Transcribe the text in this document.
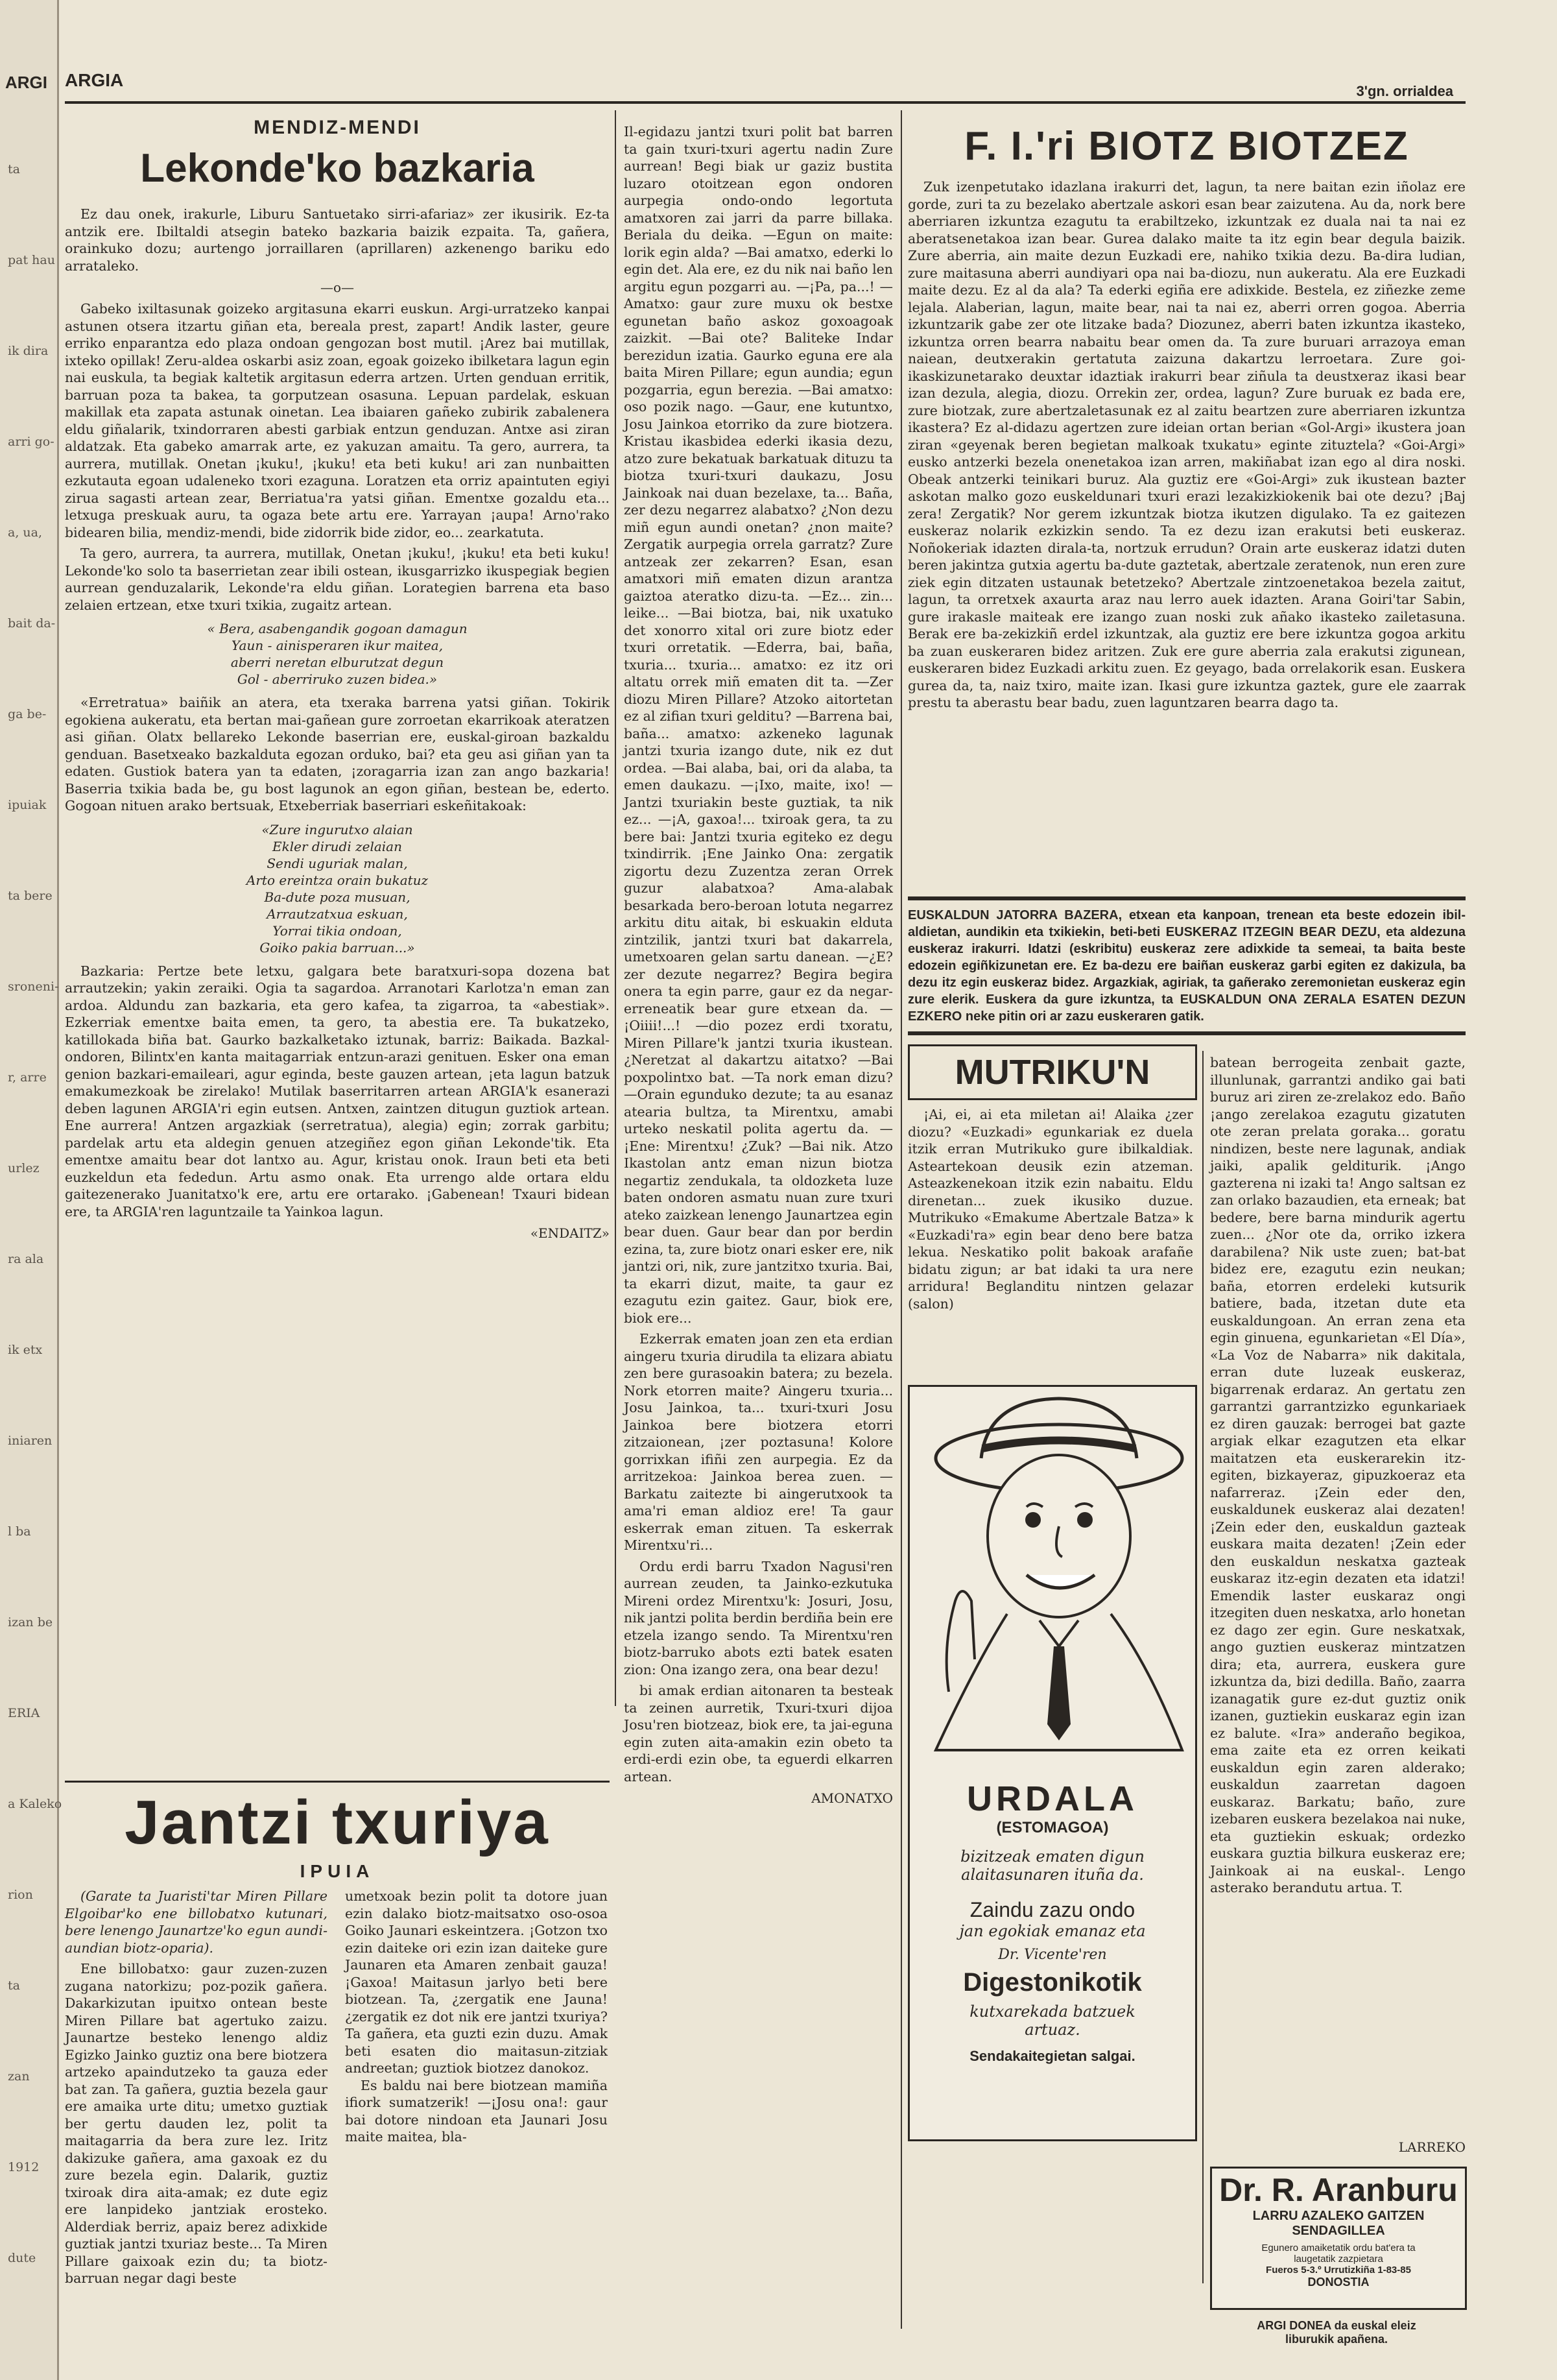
ARGI
ta
pat hau
ik dira
arri go-
a, ua,
bait da-
ga be-
ipuiak
ta bere
sroneni-
r, arre
urlez
ra ala
ik etx
iniaren
l ba
izan be
ERIA
a Kaleko
rion
ta
zan
1912
dute
ARGIA
3'gn. orrialdea
MENDIZ-MENDI
Lekonde'ko bazkaria

Ez dau onek, irakurle, Liburu Santuetako sirri-afariaz» zer ikusirik. Ez-ta antzik ere. Ibiltaldi atsegin bateko bazkaria baizik ezpaita. Ta, gañera, orainkuko dozu; aurtengo jorraillaren (aprillaren) azkenengo bariku edo arrataleko.

—o—

Gabeko ixiltasunak goizeko argitasuna ekarri euskun. Argi-urratzeko kanpai astunen otsera itzartu giñan eta, bereala prest, zapart! Andik laster, geure erriko enparantza edo plaza ondoan gengozan bost mutil. ¡Arez bai mutillak, ixteko opillak! Zeru-aldea oskarbi asiz zoan, egoak goizeko ibilketara lagun egin nai euskula, ta begiak kaltetik argitasun ederra artzen. Urten genduan erritik, barruan poza ta bakea, ta gorputzean osasuna. Lepuan pardelak, eskuan makillak eta zapata astunak oinetan. Lea ibaiaren gañeko zubirik zabalenera eldu giñalarik, txindorraren abesti garbiak entzun genduzan. Antxe asi ziran aldatzak. Eta gabeko amarrak arte, ez yakuzan amaitu. Ta gero, aurrera, ta aurrera, mutillak. Onetan ¡kuku!, ¡kuku! eta beti kuku! ari zan nunbaitten ezkutauta egoan udaleneko txori ezaguna. Loratzen eta orriz apaintuten egiyi zirua sagasti artean zear, Berriatua'ra yatsi giñan. Ementxe gozaldu eta... letxuga preskuak auru, ta ogaza bete artu ere. Yarrayan ¡aupa! Arno'rako bidearen bilia, mendiz-mendi, bide zidorrik bide zidor, eo... zearkatuta.

Ta gero, aurrera, ta aurrera, mutillak, Onetan ¡kuku!, ¡kuku! eta beti kuku! Lekonde'ko solo ta baserrietan zear ibili ostean, ikusgarrizko ikuspegiak begien aurrean genduzalarik, Lekonde'ra eldu giñan. Lorategien barrena eta baso zelaien ertzean, etxe txuri txikia, zugaitz artean.

« Bera, asabengandik gogoan damagun
Yaun - ainisperaren ikur maitea,
aberri neretan elburutzat degun
Gol - aberriruko zuzen bidea.»

«Erretratua» baiñik an atera, eta txeraka barrena yatsi giñan. Tokirik egokiena aukeratu, eta bertan mai-gañean gure zorroetan ekarrikoak ateratzen asi giñan. Olatx bellareko Lekonde baserrian ere, euskal-giroan bazkaldu genduan. Basetxeako bazkalduta egozan orduko, bai? eta geu asi giñan yan ta edaten. Gustiok batera yan ta edaten, ¡zoragarria izan zan ango bazkaria! Baserria txikia bada be, gu bost lagunok an egon giñan, bestean be, ederto. Gogoan nituen arako bertsuak, Etxeberriak baserriari eskeñitakoak:

«Zure ingurutxo alaian
Ekler dirudi zelaian
Sendi uguriak malan,
Arto ereintza orain bukatuz
Ba-dute poza musuan,
Arrautzatxua eskuan,
Yorrai tikia ondoan,
Goiko pakia barruan...»

Bazkaria: Pertze bete letxu, galgara bete baratxuri-sopa dozena bat arrautzekin; yakin zeraiki. Ogia ta sagardoa. Arranotari Karlotza'n eman zan ardoa. Aldundu zan bazkaria, eta gero kafea, ta zigarroa, ta «abestiak». Ezkerriak ementxe baita emen, ta gero, ta abestia ere. Ta bukatzeko, katillokada biña bat. Gaurko bazkalketako iztunak, barriz: Baikada. Bazkal-ondoren, Bilintx'en kanta maitagarriak entzun-arazi genituen. Esker ona eman genion bazkari-emaileari, agur eginda, beste gauzen artean, ¡eta lagun batzuk emakumezkoak be zirelako! Mutilak baserritarren artean ARGIA'k esanerazi deben lagunen ARGIA'ri egin eutsen. Antxen, zaintzen ditugun guztiok artean. Ene aurrera! Antzen argazkiak (serretratua), alegia) egin; zorrak garbitu; pardelak artu eta aldegin genuen atzegiñez egon giñan Lekonde'tik. Eta ementxe amaitu bear dot lantxo au. Agur, kristau onok. Iraun beti eta beti euzkeldun eta fededun. Artu asmo onak. Eta urrengo alde ortara eldu gaitezenerako Juanitatxo'k ere, artu ere ortarako. ¡Gabenean! Txauri bidean ere, ta ARGIA'ren laguntzaile ta Yainkoa lagun.

«ENDAITZ»
Jantzi txuriya
IPUIA

(Garate ta Juaristi'tar Miren Pillare Elgoibar'ko ene billobatxo kutunari, bere lenengo Jaunartze'ko egun aundi-aundian biotz-oparia).

Ene billobatxo: gaur zuzen-zuzen zugana natorkizu; poz-pozik gañera. Dakarkizutan ipuitxo ontean beste Miren Pillare bat agertuko zaizu. Jaunartze besteko lenengo aldiz Egizko Jainko guztiz ona bere biotzera artzeko apaindutzeko ta gauza eder bat zan. Ta gañera, guztia bezela gaur ere amaika urte ditu; umetxo guztiak ber gertu dauden lez, polit ta maitagarria da bera zure lez. Iritz dakizuke gañera, ama gaxoak ez du zure bezela egin. Dalarik, guztiz txiroak dira aita-amak; ez dute egiz ere lanpideko jantziak erosteko. Alderdiak berriz, apaiz berez adixkide guztiak jantzi txuriaz beste... Ta Miren Pillare gaixoak ezin du; ta biotz-barruan negar dagi beste

umetxoak bezin polit ta dotore juan ezin dalako biotz-maitsatxo oso-osoa Goiko Jaunari eskeintzera. ¡Gotzon txo ezin daiteke ori ezin izan daiteke gure Jaunaren eta Amaren zenbait gauza! ¡Gaxoa! Maitasun jarlyo beti bere biotzean. Ta, ¿zergatik ene Jauna! ¿zergatik ez dot nik ere jantzi txuriya? Ta gañera, eta guzti ezin duzu. Amak beti esaten dio maitasun-zitziak andreetan; guztiok biotzez danokoz.

Es baldu nai bere biotzean mamiña ifiork sumatzerik! —¡Josu ona!: gaur bai dotore nindoan eta Jaunari Josu maite maitea, bla-

Il-egidazu jantzi txuri polit bat barren ta gain txuri-txuri agertu nadin Zure aurrean! Begi biak ur gaziz bustita luzaro otoitzean egon ondoren aurpegia ondo-ondo legortuta amatxoren zai jarri da parre billaka. Beriala du deika. —Egun on maite: lorik egin alda? —Bai amatxo, ederki lo egin det. Ala ere, ez du nik nai baño len argitu egun pozgarri au. —¡Pa, pa...! —Amatxo: gaur zure muxu ok bestxe egunetan baño askoz goxoagoak zaizkit. —Bai ote? Baliteke Indar berezidun izatia. Gaurko eguna ere ala baita Miren Pillare; egun aundia; egun pozgarria, egun berezia. —Bai amatxo: oso pozik nago. —Gaur, ene kutuntxo, Josu Jainkoa etorriko da zure biotzera. Kristau ikasbidea ederki ikasia dezu, atzo zure bekatuak barkatuak dituzu ta biotza txuri-txuri daukazu, Josu Jainkoak nai duan bezelaxe, ta... Baña, zer dezu negarrez alabatxo? ¿Non dezu miñ egun aundi onetan? ¿non maite? Zergatik aurpegia orrela garratz? Zure antzeak zer zekarren? Esan, esan amatxori miñ ematen dizun arantza gaiztoa ateratko dizu-ta. —Ez... zin... leike... —Bai biotza, bai, nik uxatuko det xonorro xital ori zure biotz eder txuri orretatik. —Ederra, bai, baña, txuria... txuria... amatxo: ez itz ori altatu orrek miñ ematen dit ta. —Zer diozu Miren Pillare? Atzoko aitortetan ez al zifian txuri gelditu? —Barrena bai, baña... amatxo: azkeneko lagunak jantzi txuria izango dute, nik ez dut ordea. —Bai alaba, bai, ori da alaba, ta emen daukazu. —¡Ixo, maite, ixo! —Jantzi txuriakin beste guztiak, ta nik ez... —¡A, gaxoa!... txiroak gera, ta zu bere bai: Jantzi txuria egiteko ez degu txindirrik. ¡Ene Jainko Ona: zergatik zigortu dezu Zuzentza zeran Orrek guzur alabatxoa? Ama-alabak besarkada bero-beroan lotuta negarrez arkitu ditu aitak, bi eskuakin elduta zintzilik, jantzi txuri bat dakarrela, umetxoaren gelan sartu danean. —¿E? zer dezute negarrez? Begira begira onera ta egin parre, gaur ez da negar-erreneatik bear gure etxean da. —¡Oiiii!...! —dio pozez erdi txoratu, Miren Pillare'k jantzi txuria ikustean. ¿Neretzat al dakartzu aitatxo? —Bai poxpolintxo bat. —Ta nork eman dizu? —Orain egunduko dezute; ta au esanaz atearia bultza, ta Mirentxu, amabi urteko neskatil polita agertu da. —¡Ene: Mirentxu! ¿Zuk? —Bai nik. Atzo Ikastolan antz eman nizun biotza negartiz zendukala, ta oldozketa luze baten ondoren asmatu nuan zure txuri ateko zaizkean lenengo Jaunartzea egin bear duen. Gaur bear dan por berdin ezina, ta, zure biotz onari esker ere, nik jantzi ori, nik, zure jantzitxo txuria. Bai, ta ekarri dizut, maite, ta gaur ez ezagutu ezin gaitez. Gaur, biok ere, biok ere...

Ezkerrak ematen joan zen eta erdian aingeru txuria dirudila ta elizara abiatu zen bere gurasoakin batera; zu bezela. Nork etorren maite? Aingeru txuria... Josu Jainkoa, ta... txuri-txuri Josu Jainkoa bere biotzera etorri zitzaionean, ¡zer poztasuna! Kolore gorrixkan ifiñi zen aurpegia. Ez da arritzekoa: Jainkoa berea zuen. —Barkatu zaitezte bi aingerutxook ta ama'ri eman aldioz ere! Ta gaur eskerrak eman zituen. Ta eskerrak Mirentxu'ri...

Ordu erdi barru Txadon Nagusi'ren aurrean zeuden, ta Jainko-ezkutuka Mireni ordez Mirentxu'k: Josuri, Josu, nik jantzi polita berdin berdiña bein ere etzela izango sendo. Ta Mirentxu'ren biotz-barruko abots ezti batek esaten zion: Ona izango zera, ona bear dezu!

bi amak erdian aitonaren ta besteak ta zeinen aurretik, Txuri-txuri dijoa Josu'ren biotzeaz, biok ere, ta jai-eguna egin zuten aita-amakin ezin obeto ta erdi-erdi ezin obe, ta eguerdi elkarren artean.

AMONATXO
F. I.'ri BIOTZ BIOTZEZ

Zuk izenpetutako idazlana irakurri det, lagun, ta nere baitan ezin iñolaz ere gorde, zuri ta zu bezelako abertzale askori esan bear zaizutena. Au da, nork bere aberriaren izkuntza ezagutu ta erabiltzeko, izkuntzak ez duala nai ta nai ez aberatsenetakoa izan bear. Gurea dalako maite ta itz egin bear degula baizik. Zure aberria, ain maite dezun Euzkadi ere, nahiko txikia dezu. Ba-dira ludian, zure maitasuna aberri aundiyari opa nai ba-diozu, nun aukeratu. Ala ere Euzkadi maite dezu. Ez al da ala? Ta ederki egiña ere adixkide. Bestela, ez ziñezke zeme lejala. Alaberian, lagun, maite bear, nai ta nai ez, aberri orren gogoa. Aberria izkuntzarik gabe zer ote litzake bada? Diozunez, aberri baten izkuntza ikasteko, izkuntza orren bearra nabaitu bear omen da. Ta zure buruari arrazoya eman naiean, deutxerakin gertatuta zaizuna dakartzu lerroetara. Zure goi-ikaskizunetarako deuxtar idaztiak irakurri bear ziñula ta deustxeraz ikasi bear izan dezula, alegia, diozu. Orrekin zer, ordea, lagun? Zure buruak ez bada ere, zure biotzak, zure abertzaletasunak ez al zaitu beartzen zure aberriaren izkuntza ikastera? Ez al-didazu agertzen zure ideian ortan berian «Gol-Argi» ikustera joan ziran «geyenak beren begietan malkoak txukatu» eginte zituztela? «Goi-Argi» eusko antzerki bezela onenetakoa izan arren, makiñabat izan ego al dira noski. Obeak antzerki teinikari buruz. Ala guztiz ere «Goi-Argi» zuk ikustean bazter askotan malko gozo euskeldunari txuri erazi lezakizkiokenik bai ote dezu? ¡Baj zera! Zergatik? Nor gerem izkuntzak biotza ikutzen digulako. Ta ez gaitezen euskeraz nolarik ezkizkin sendo. Ta ez dezu izan erakutsi beti euskeraz. Noñokeriak idazten dirala-ta, nortzuk errudun? Orain arte euskeraz idatzi duten beren jakintza gutxia agertu ba-dute gaztetak, abertzale zeratenok, nun eren zure ziek egin ditzaten ustaunak betetzeko? Abertzale zintzoenetakoa bezela zaitut, lagun, ta orretxek axaurta araz nau lerro auek idazten. Arana Goiri'tar Sabin, gure irakasle maiteak ere izango zuan noski zuk añako ikasteko zailetasuna. Berak ere ba-zekizkiñ erdel izkuntzak, ala guztiz ere bere izkuntza gogoa arkitu ba zuan euskeraren bidez aritzen. Zuk ere gure aberria zala erakutsi zigunean, euskeraren bidez Euzkadi arkitu zuen. Ez geyago, bada orrelakorik esan. Euskera gurea da, ta, naiz txiro, maite izan. Ikasi gure izkuntza gaztek, gure ele zaarrak prestu ta aberastu bear badu, zuen laguntzaren bearra dago ta.

EUSKALDUN JATORRA BAZERA, etxean eta kanpoan, trenean eta beste edozein ibil-aldietan, aundikin eta txikiekin, beti-beti EUSKERAZ ITZEGIN BEAR DEZU, eta aldezuna euskeraz irakurri. Idatzi (eskribitu) euskeraz zere adixkide ta semeai, ta baita beste edozein egiñkizunetan ere. Ez ba-dezu ere baiñan euskeraz garbi egiten ez dakizula, ba dezu itz egin euskeraz bidez. Argazkiak, agiriak, ta gañerako zeremonietan euskeraz egin zure elerik. Euskera da gure izkuntza, ta EUSKALDUN ONA ZERALA ESATEN DEZUN EZKERO neke pitin ori ar zazu euskeraren gatik.
MUTRIKU'N

¡Ai, ei, ai eta miletan ai! Alaika ¿zer diozu? «Euzkadi» egunkariak ez duela itzik erran Mutrikuko gure ibilkaldiak. Asteartekoan deusik ezin atzeman. Asteazkenekoan itzik ezin nabaitu. Eldu direnetan... zuek ikusiko duzue. Mutrikuko «Emakume Abertzale Batza» k «Euzkadi'ra» egin bear deno bere batza lekua. Neskatiko polit bakoak arafañe bidatu zigun; ar bat idaki ta ura nere arridura! Beglanditu nintzen gelazar (salon)

batean berrogeita zenbait gazte, illunlunak, garrantzi andiko gai bati buruz ari ziren ze-zrelakoz edo. Baño ¡ango zerelakoa ezagutu gizatuten ote zeran prelata goraka... goratu nindizen, beste nere lagunak, andiak jaiki, apalik gelditurik. ¡Ango gazterena ni izaki ta! Ango saltsan ez zan orlako bazaudien, eta erneak; bat bedere, bere barna mindurik agertu zuen... ¿Nor ote da, orriko izkera darabilena? Nik uste zuen; bat-bat bidez ere, ezagutu ezin neukan; baña, etorren erdeleki kutsurik batiere, bada, itzetan dute eta euskaldungoan. An erran zena eta egin ginuena, egunkarietan «El Día», «La Voz de Nabarra» nik dakitala, erran dute luzeak euskeraz, bigarrenak erdaraz. An gertatu zen garrantzi garrantzizko egunkariaek ez diren gauzak: berrogei bat gazte argiak elkar ezagutzen eta elkar maitatzen eta euskerarekin itz-egiten, bizkayeraz, gipuzkoeraz eta nafarreraz. ¡Zein eder den, euskaldunek euskeraz alai dezaten! ¡Zein eder den, euskaldun gazteak euskara maita dezaten! ¡Zein eder den euskaldun neskatxa gazteak euskaraz itz-egin dezaten eta idatzi! Emendik laster euskaraz ongi itzegiten duen neskatxa, arlo honetan ez dago zer egin. Gure neskatxak, ango guztien euskeraz mintzatzen dira; eta, aurrera, euskera gure izkuntza da, bizi dedilla. Baño, zaarra izanagatik gure ez-dut guztiz onik izanen, guztiekin euskaraz egin izan ez balute. «Ira» anderaño begikoa, ema zaite eta ez orren keikati euskaldun egin zaren alderako; euskaldun zaarretan dagoen euskaraz. Barkatu; baño, zure izebaren euskera bezelakoa nai nuke, eta guztiekin eskuak; ordezko euskara guztia bilkura euskeraz ere; Jainkoak ai na euskal-. Lengo asterako berandutu artua. T.

LARREKO
URDALA
(ESTOMAGOA)
bizitzeak ematen digun
alaitasunaren ituña da.
Zaindu zazu ondo
jan egokiak emanaz eta
Dr. Vicente'ren
Digestonikotik
kutxarekada batzuek
artuaz.
Sendakaitegietan salgai.
Dr. R. Aranburu
LARRU AZALEKO GAITZEN
SENDAGILLEA
Egunero amaiketatik ordu bat'era ta
laugetatik zazpietara
Fueros 5-3.º Urrutizkiña 1-83-85
DONOSTIA
ARGI DONEA da euskal eleiz
liburukik apañena.
